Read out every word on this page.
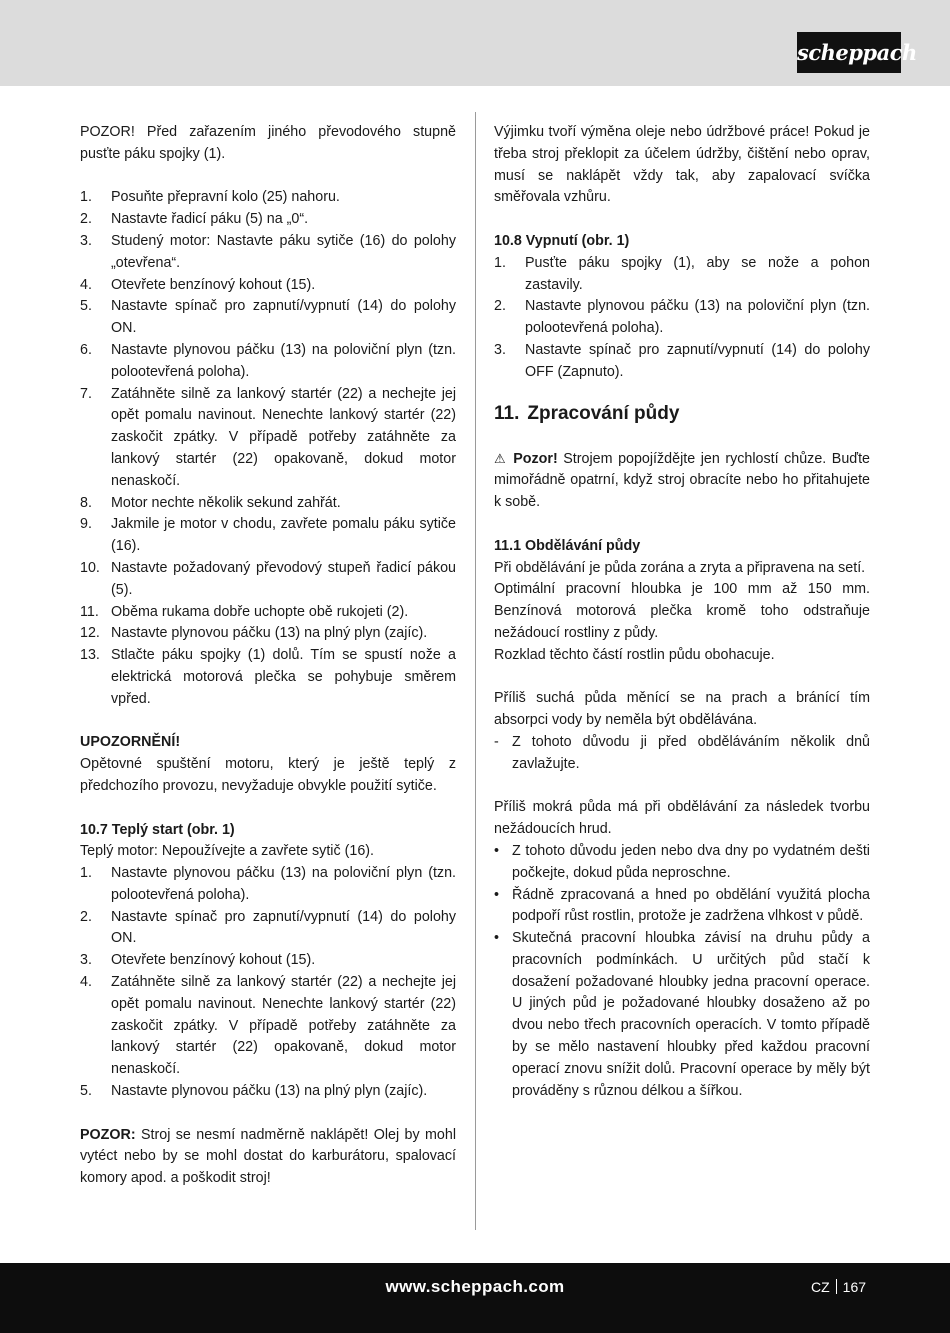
scheppach

POZOR! Před zařazením jiného převodového stupně pusťte páku spojky (1).

1. Posuňte přepravní kolo (25) nahoru.
2. Nastavte řadicí páku (5) na „0“.
3. Studený motor: Nastavte páku sytiče (16) do polohy „otevřena“.
4. Otevřete benzínový kohout (15).
5. Nastavte spínač pro zapnutí/vypnutí (14) do polohy ON.
6. Nastavte plynovou páčku (13) na poloviční plyn (tzn. polootevřená poloha).
7. Zatáhněte silně za lankový startér (22) a nechejte jej opět pomalu navinout. Nenechte lankový startér (22) zaskočit zpátky. V případě potřeby zatáhněte za lankový startér (22) opakovaně, dokud motor nenaskočí.
8. Motor nechte několik sekund zahřát.
9. Jakmile je motor v chodu, zavřete pomalu páku sytiče (16).
10. Nastavte požadovaný převodový stupeň řadicí pákou (5).
11. Oběma rukama dobře uchopte obě rukojeti (2).
12. Nastavte plynovou páčku (13) na plný plyn (zajíc).
13. Stlačte páku spojky (1) dolů. Tím se spustí nože a elektrická motorová plečka se pohybuje směrem vpřed.

UPOZORNĚNÍ!

Opětovné spuštění motoru, který je ještě teplý z předchozího provozu, nevyžaduje obvykle použití sytiče.

10.7 Teplý start (obr. 1)

Teplý motor: Nepoužívejte a zavřete sytič (16).

1. Nastavte plynovou páčku (13) na poloviční plyn (tzn. polootevřená poloha).
2. Nastavte spínač pro zapnutí/vypnutí (14) do polohy ON.
3. Otevřete benzínový kohout (15).
4. Zatáhněte silně za lankový startér (22) a nechejte jej opět pomalu navinout. Nenechte lankový startér (22) zaskočit zpátky. V případě potřeby zatáhněte za lankový startér (22) opakovaně, dokud motor nenaskočí.
5. Nastavte plynovou páčku (13) na plný plyn (zajíc).

POZOR: Stroj se nesmí nadměrně naklápět! Olej by mohl vytéct nebo by se mohl dostat do karburátoru, spalovací komory apod. a poškodit stroj!

Výjimku tvoří výměna oleje nebo údržbové práce! Pokud je třeba stroj překlopit za účelem údržby, čištění nebo oprav, musí se naklápět vždy tak, aby zapalovací svíčka směřovala vzhůru.

10.8 Vypnutí (obr. 1)

1. Pusťte páku spojky (1), aby se nože a pohon zastavily.
2. Nastavte plynovou páčku (13) na poloviční plyn (tzn. polootevřená poloha).
3. Nastavte spínač pro zapnutí/vypnutí (14) do polohy OFF (Zapnuto).
11. Zpracování půdy

⚠ Pozor! Strojem popojíždějte jen rychlostí chůze. Buďte mimořádně opatrní, když stroj obracíte nebo ho přitahujete k sobě.

11.1 Obdělávání půdy

Při obdělávání je půda zorána a zryta a připravena na setí.

Optimální pracovní hloubka je 100 mm až 150 mm. Benzínová motorová plečka kromě toho odstraňuje nežádoucí rostliny z půdy.

Rozklad těchto částí rostlin půdu obohacuje.

Příliš suchá půda měnící se na prach a bránící tím absorpci vody by neměla být obdělávána.

- Z tohoto důvodu ji před obděláváním několik dnů zavlažujte.

Příliš mokrá půda má při obdělávání za následek tvorbu nežádoucích hrud.

• Z tohoto důvodu jeden nebo dva dny po vydatném dešti počkejte, dokud půda neproschne.
• Řádně zpracovaná a hned po obdělání využitá plocha podpoří růst rostlin, protože je zadržena vlhkost v půdě.
• Skutečná pracovní hloubka závisí na druhu půdy a pracovních podmínkách. U určitých půd stačí k dosažení požadované hloubky jedna pracovní operace. U jiných půd je požadované hloubky dosaženo až po dvou nebo třech pracovních operacích. V tomto případě by se mělo nastavení hloubky před každou pracovní operací znovu snížit dolů. Pracovní operace by měly být prováděny s různou délkou a šířkou.
www.scheppach.com	CZ 167
